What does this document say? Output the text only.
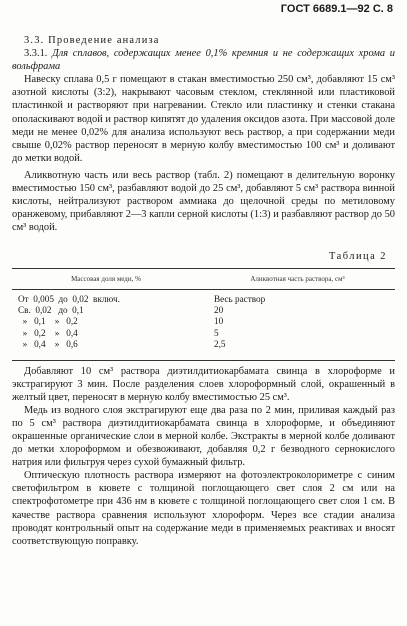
ГОСТ 6689.1—92 С. 8
3.3. Проведение анализа

3.3.1. Для сплавов, содержащих менее 0,1% кремния и не содержащих хрома и вольфрама

Навеску сплава 0,5 г помещают в стакан вместимостью 250 см³, добавляют 15 см³ азотной кислоты (3:2), накрывают часовым стеклом, стеклянной или пластиковой пластинкой и растворяют при нагревании. Стекло или пластинку и стенки стакана ополаскивают водой и раствор кипятят до удаления оксидов азота. При массовой доле меди не менее 0,02% для анализа используют весь раствор, а при содержании меди свыше 0,02% раствор переносят в мерную колбу вместимостью 100 см³ и доливают до метки водой.

Аликвотную часть или весь раствор (табл. 2) помещают в делительную воронку вместимостью 150 см³, разбавляют водой до 25 см³, добавляют 5 см³ раствора винной кислоты, нейтрализуют раствором аммиака до щелочной среды по метиловому оранжевому, прибавляют 2—3 капли серной кислоты (1:3) и разбавляют раствор до 50 см³ водой.

Таблица 2
Массовая доля меди, %	Аликвотная часть раствора, см³
От  0,005  до  0,02  включ.	Весь раствор
Св.  0,02   до  0,1	20
»   0,1    »   0,2	10
»   0,2    »   0,4	5
»   0,4    »   0,6	2,5

Добавляют 10 см³ раствора диэтилдитиокарбамата свинца в хлороформе и экстрагируют 3 мин. После разделения слоев хлороформный слой, окрашенный в желтый цвет, переносят в мерную колбу вместимостью 25 см³.

Медь из водного слоя экстрагируют еще два раза по 2 мин, приливая каждый раз по 5 см³ раствора диэтилдитиокарбамата свинца в хлороформе, и объединяют окрашенные органические слои в мерной колбе. Экстракты в мерной колбе доливают до метки хлороформом и обезвоживают, добавляя 0,2 г безводного сернокислого натрия или фильтруя через сухой бумажный фильтр.

Оптическую плотность раствора измеряют на фотоэлектроколориметре с синим светофильтром в кювете с толщиной поглощающего свет слоя 2 см или на спектрофотометре при 436 нм в кювете с толщиной поглощающего свет слоя 1 см. В качестве раствора сравнения используют хлороформ. Через все стадии анализа проводят контрольный опыт на содержание меди в применяемых реактивах и вносят соответствующую поправку.
